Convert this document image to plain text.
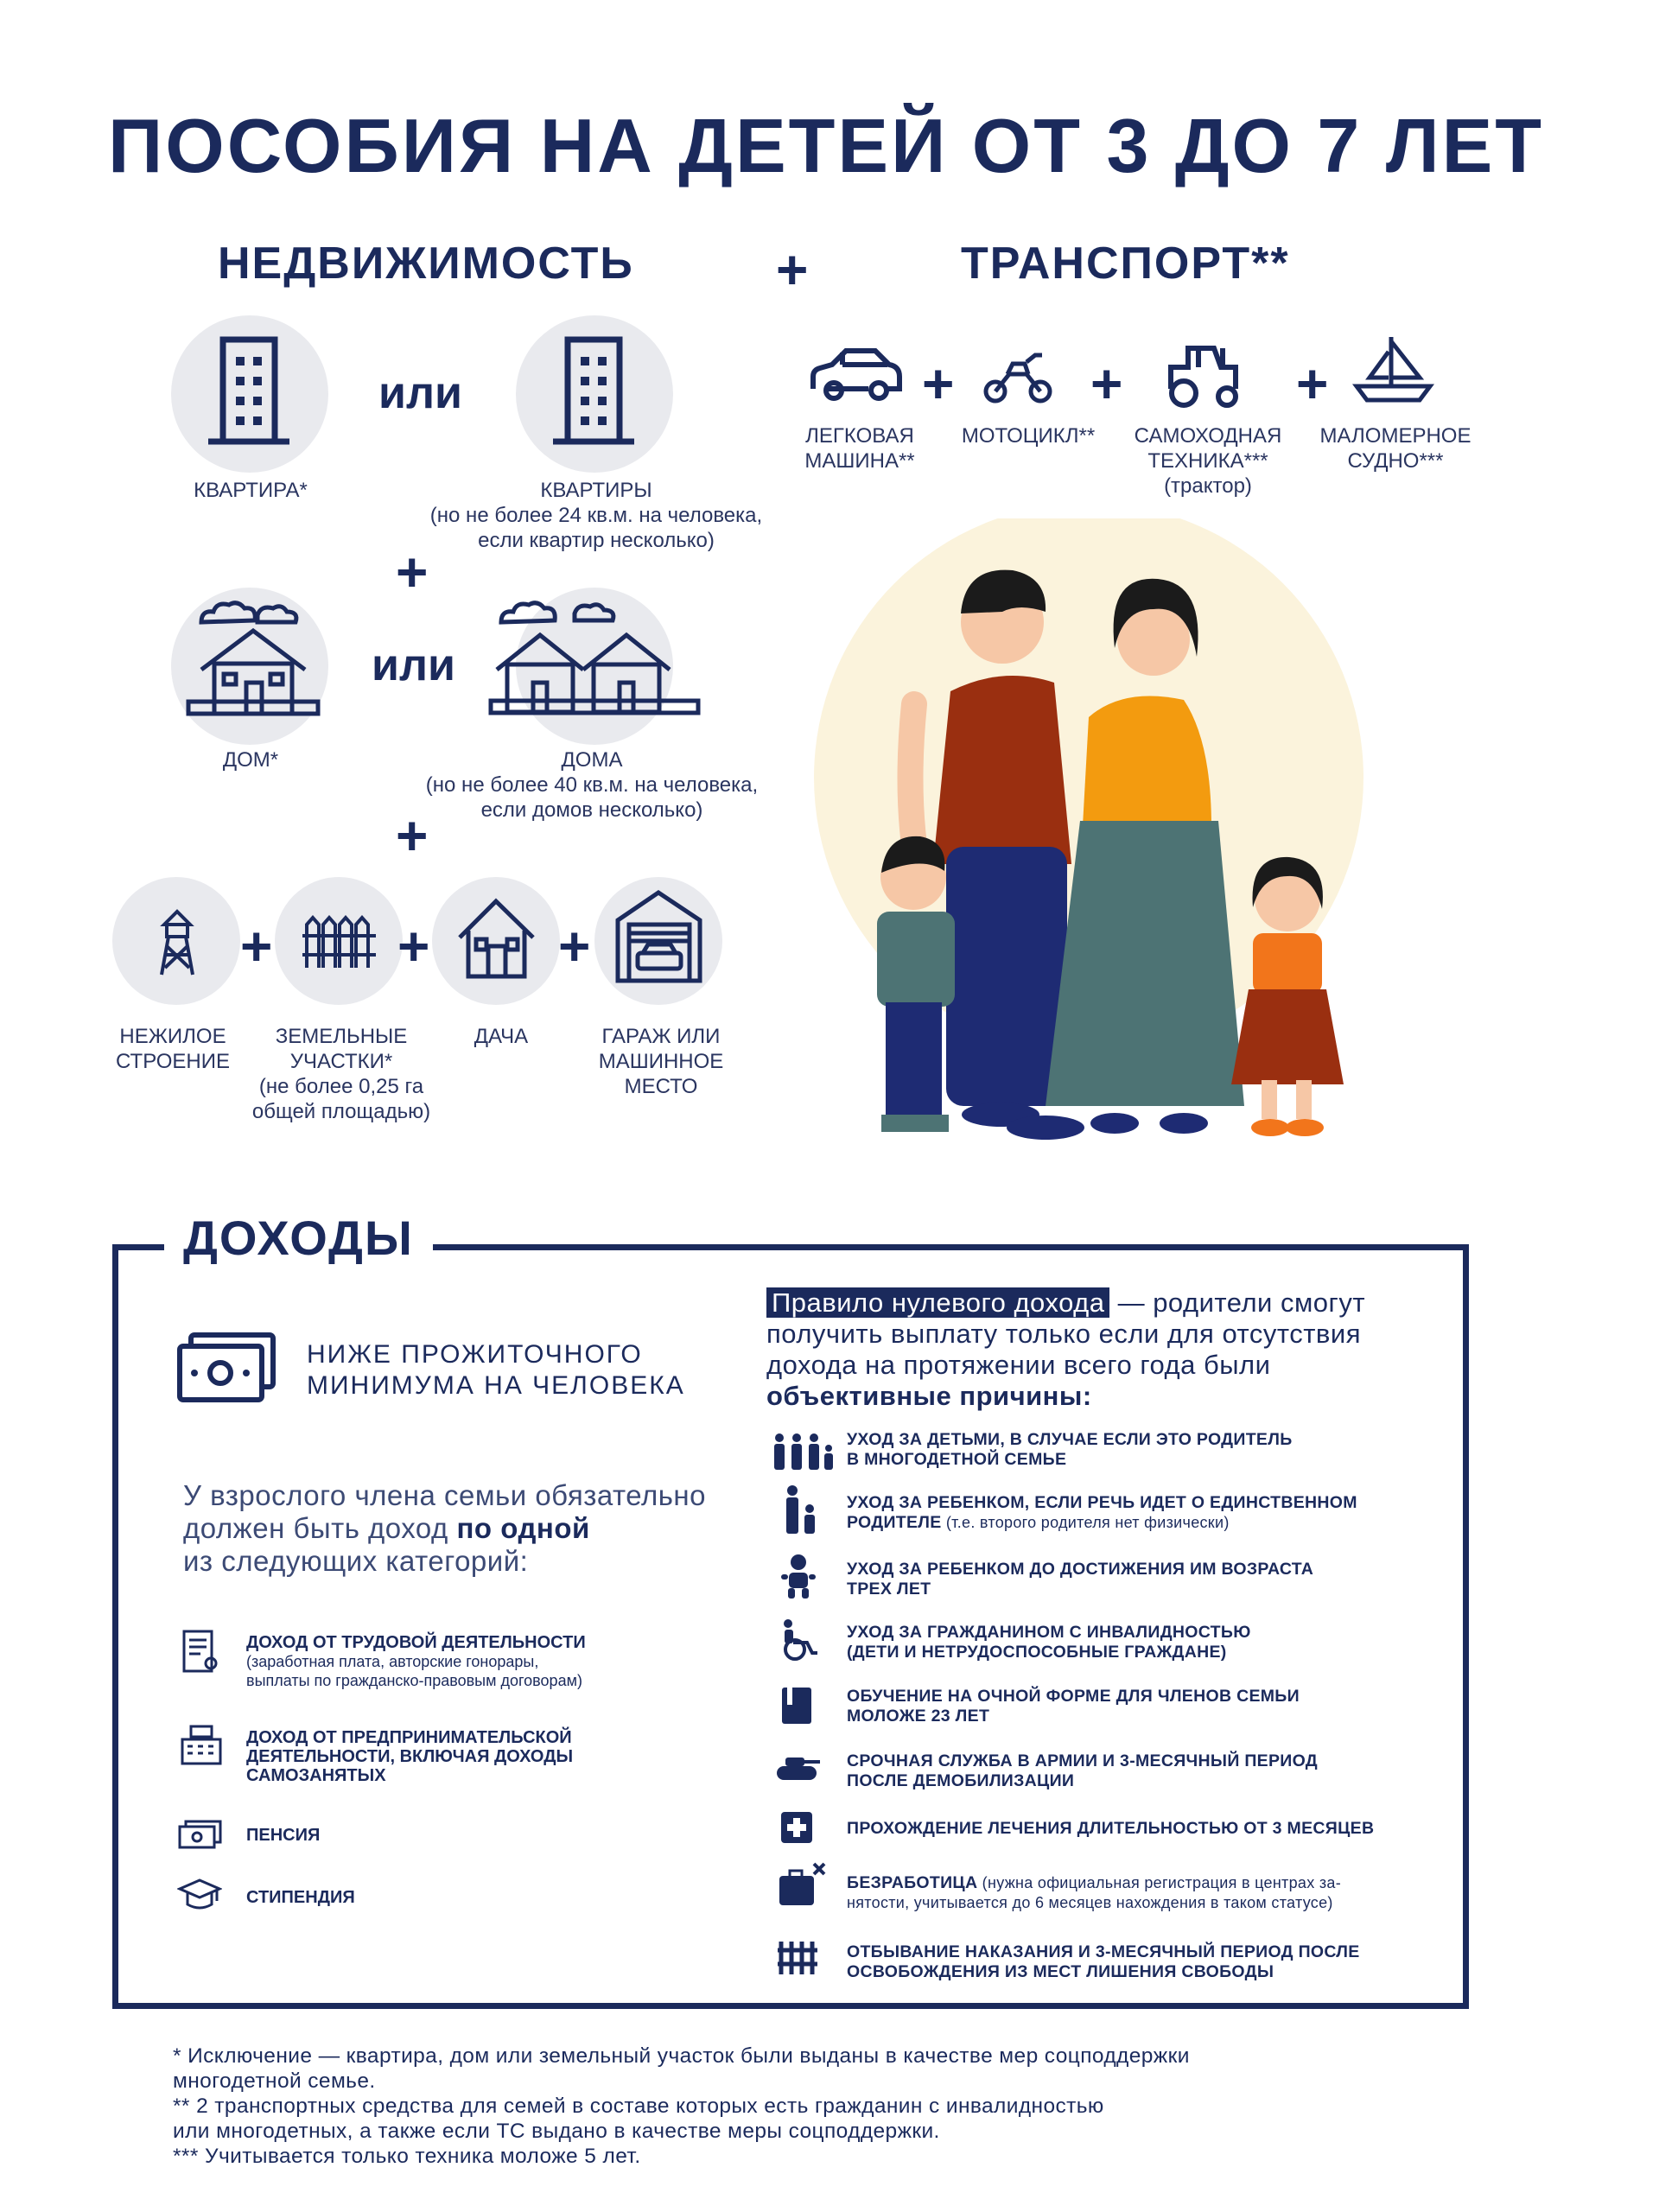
ПОСОБИЯ НА ДЕТЕЙ ОТ 3 ДО 7 ЛЕТ
НЕДВИЖИМОСТЬ	+	ТРАНСПОРТ**
или
КВАРТИРА*	КВАРТИРЫ
(но не более 24 кв.м. на человека,
если квартир несколько)
+
или
ДОМ*	ДОМА
(но не более 40 кв.м. на человека,
если домов несколько)
+
+ + +
НЕЖИЛОЕ
СТРОЕНИЕ
ЗЕМЕЛЬНЫЕ
УЧАСТКИ*
(не более 0,25 га
общей площадью)
ДАЧА	ГАРАЖ ИЛИ
МАШИННОЕ
МЕСТО
+ +	+
ЛЕГКОВАЯ
МАШИНА**
МОТОЦИКЛ**	САМОХОДНАЯ
ТЕХНИКА***
(трактор)
МАЛОМЕРНОЕ
СУДНО***
ДОХОДЫ
НИЖЕ ПРОЖИТОЧНОГО
МИНИМУМА НА ЧЕЛОВЕКА
У взрослого члена семьи обязательно
должен быть доход по одной
из следующих категорий:
ДОХОД ОТ ТРУДОВОЙ ДЕЯТЕЛЬНОСТИ
(заработная плата, авторские гонорары,
выплаты по гражданско-правовым договорам)
ДОХОД ОТ ПРЕДПРИНИМАТЕЛЬСКОЙ
ДЕЯТЕЛЬНОСТИ, ВКЛЮЧАЯ ДОХОДЫ
САМОЗАНЯТЫХ
ПЕНСИЯ
СТИПЕНДИЯ
Правило нулевого дохода — родители смогут
получить выплату только если для отсутствия
дохода на протяжении всего года были
объективные причины:
УХОД ЗА ДЕТЬМИ, В СЛУЧАЕ ЕСЛИ ЭТО РОДИТЕЛЬ
В МНОГОДЕТНОЙ СЕМЬЕ
УХОД ЗА РЕБЕНКОМ, ЕСЛИ РЕЧЬ ИДЕТ О ЕДИНСТВЕННОМ
РОДИТЕЛЕ (т.е. второго родителя нет физически)
УХОД ЗА РЕБЕНКОМ ДО ДОСТИЖЕНИЯ ИМ ВОЗРАСТА
ТРЕХ ЛЕТ
УХОД ЗА ГРАЖДАНИНОМ С ИНВАЛИДНОСТЬЮ
(ДЕТИ И НЕТРУДОСПОСОБНЫЕ ГРАЖДАНЕ)
ОБУЧЕНИЕ НА ОЧНОЙ ФОРМЕ ДЛЯ ЧЛЕНОВ СЕМЬИ
МОЛОЖЕ 23 ЛЕТ
СРОЧНАЯ СЛУЖБА В АРМИИ И 3-МЕСЯЧНЫЙ ПЕРИОД
ПОСЛЕ ДЕМОБИЛИЗАЦИИ
ПРОХОЖДЕНИЕ ЛЕЧЕНИЯ ДЛИТЕЛЬНОСТЬЮ ОТ 3 МЕСЯЦЕВ
БЕЗРАБОТИЦА (нужна официальная регистрация в центрах за-
нятости, учитывается до 6 месяцев нахождения в таком статусе)
ОТБЫВАНИЕ НАКАЗАНИЯ И 3-МЕСЯЧНЫЙ ПЕРИОД ПОСЛЕ
ОСВОБОЖДЕНИЯ ИЗ МЕСТ ЛИШЕНИЯ СВОБОДЫ
* Исключение — квартира, дом или земельный участок были выданы в качестве мер соцподдержки
многодетной семье.
** 2 транспортных средства для семей в составе которых есть гражданин с инвалидностью
или многодетных, а также если ТС выдано в качестве меры соцподдержки.
*** Учитывается только техника моложе 5 лет.
